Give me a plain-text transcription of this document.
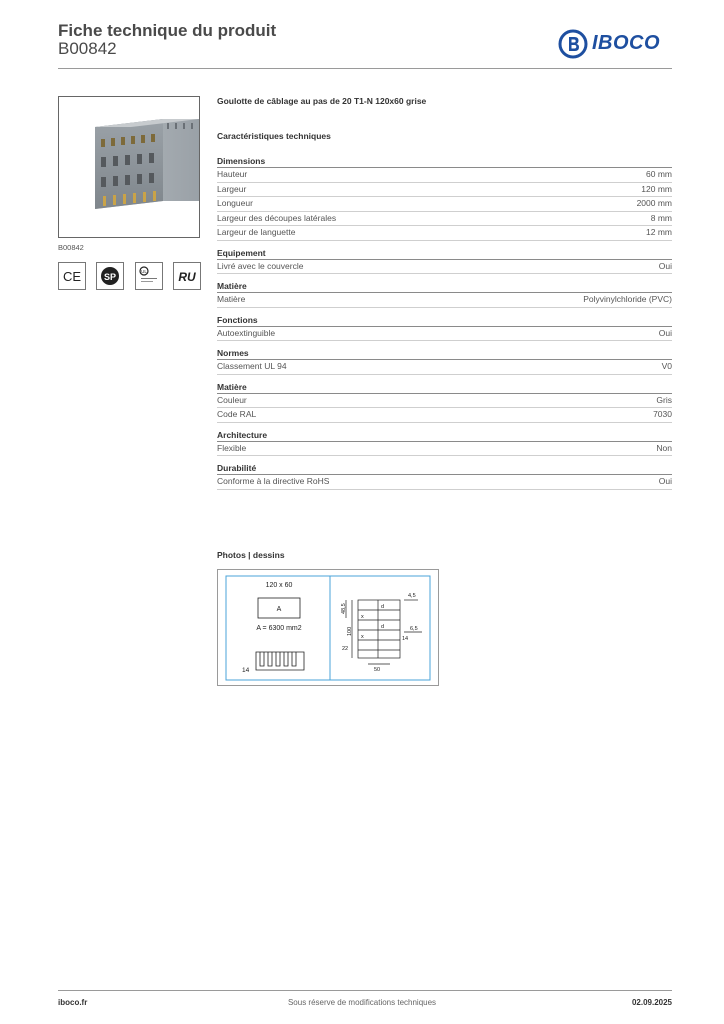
Fiche technique du produit
B00842	IBOCO
B00842
CE	SP
UL	RU
Goulotte de câblage au pas de 20 T1-N 120x60 grise
Caractéristiques techniques
Dimensions
Hauteur	60 mm
Largeur	120 mm
Longueur	2000 mm
Largeur des découpes latérales	8 mm
Largeur de languette	12 mm
Equipement
Livré avec le couvercle	Oui
Matière
Matière	Polyvinylchloride (PVC)
Fonctions
Autoextinguible	Oui
Normes
Classement UL 94	V0
Matière
Couleur	Gris
Code RAL	7030
Architecture
Flexible	Non
Durabilité
Conforme à la directive RoHS	Oui
Photos | dessins
120 x 60
A
A = 6300 mm2
14
4,5
48,5
100	6,5
22
14
50
d
d
x
x
iboco.fr	Sous réserve de modifications techniques	02.09.2025
